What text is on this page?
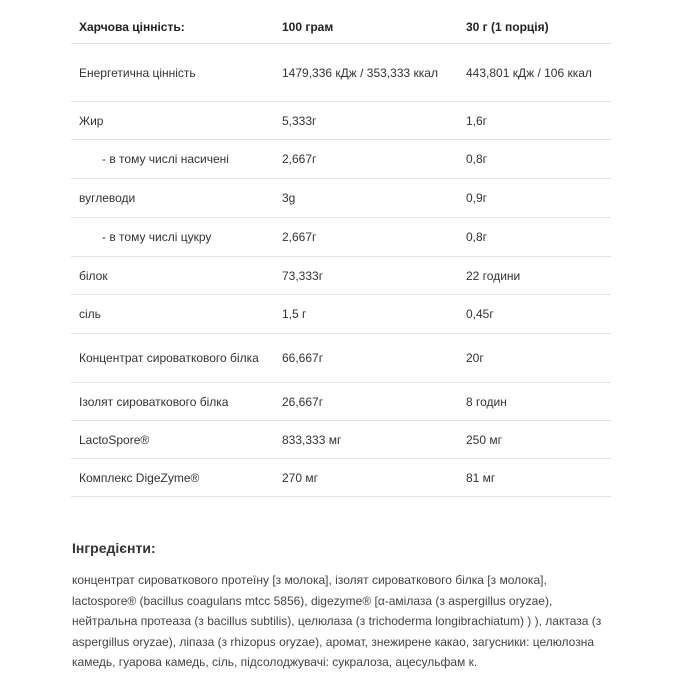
Харчова цінність:	100 грам	30 г (1 порція)
Енергетична цінність	1479,336 кДж / 353,333 ккал	443,801 кДж / 106 ккал
Жир	5,333г	1,6г
- в тому числі насичені	2,667г	0,8г
вуглеводи	3g	0,9г
- в тому числі цукру	2,667г	0,8г
білок	73,333г	22 години
сіль	1,5 г	0,45г
Концентрат сироваткового білка	66,667г	20г
Ізолят сироваткового білка	26,667г	8 годин
LactoSpore®	833,333 мг	250 мг
Комплекс DigeZyme®	270 мг	81 мг
Інгредієнти:

концентрат сироваткового протеїну [з молока], ізолят сироваткового білка [з молока], lactospore® (bacillus coagulans mtcc 5856), digezyme® [α-амілаза (з aspergillus oryzae), нейтральна протеаза (з bacillus subtilis), целюлаза (з trichoderma longibrachiatum) ) ), лактаза (з aspergillus oryzae), ліпаза (з rhizopus oryzae), аромат, знежирене какао, загусники: целюлозна камедь, гуарова камедь, сіль, підсолоджувачі: сукралоза, ацесульфам к.
